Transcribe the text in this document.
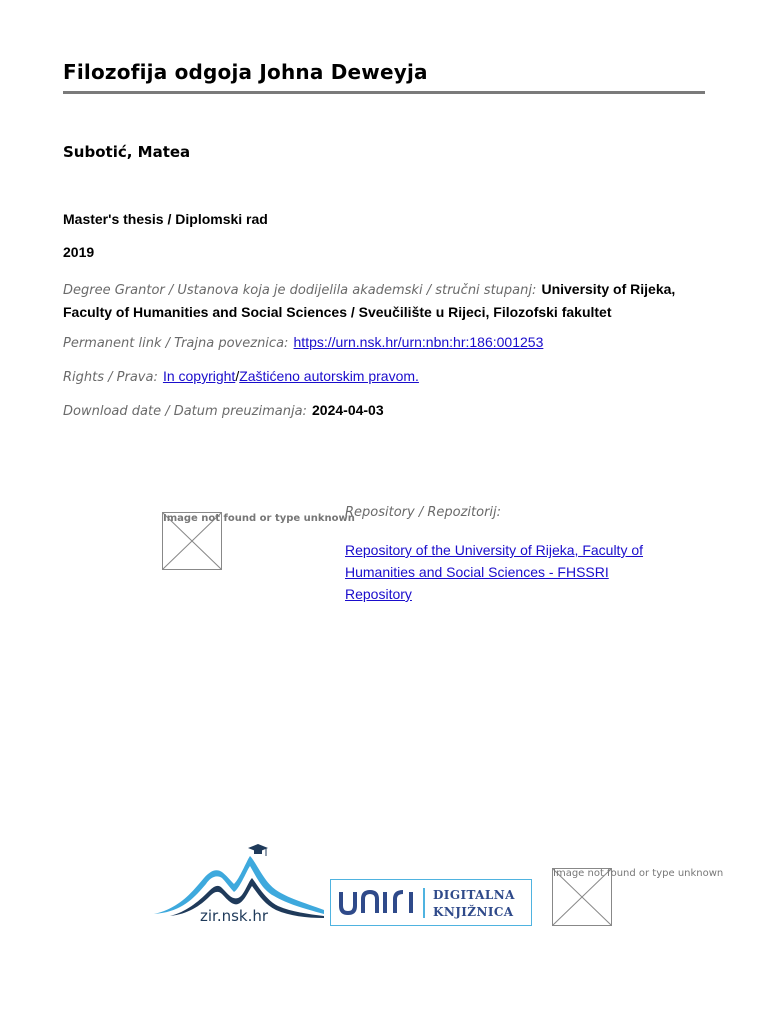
Filozofija odgoja Johna Deweyja
Subotić, Matea
Master's thesis / Diplomski rad
2019
Degree Grantor / Ustanova koja je dodijelila akademski / stručni stupanj: University of Rijeka, Faculty of Humanities and Social Sciences / Sveučilište u Rijeci, Filozofski fakultet
Permanent link / Trajna poveznica: https://urn.nsk.hr/urn:nbn:hr:186:001253
Rights / Prava: In copyright/Zaštićeno autorskim pravom.
Download date / Datum preuzimanja: 2024-04-03
Image not found or type unknown
Repository / Repozitorij:
Repository of the University of Rijeka, Faculty of Humanities and Social Sciences - FHSSRI Repository
zir.nsk.hr
DIGITALNA
KNJIŽNICA
Image not found or type unknown
